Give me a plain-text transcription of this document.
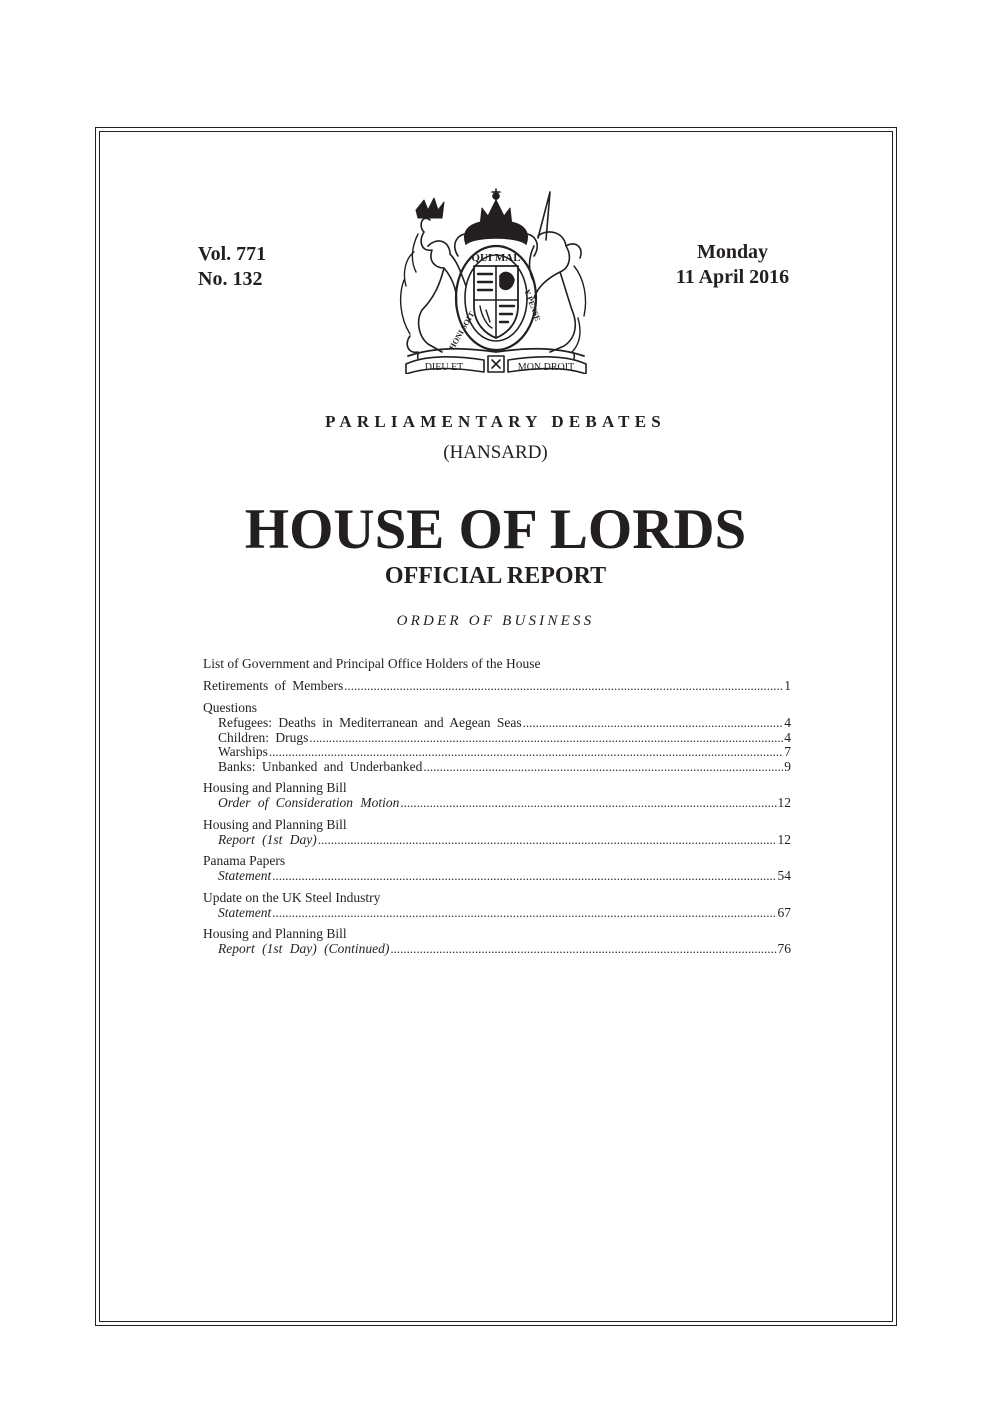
Vol. 771
No. 132
Monday
11 April 2016
QUI MAL
HONI SOIT
Y PENSE
DIEU ET	MON DROIT
PARLIAMENTARY DEBATES
(HANSARD)
HOUSE OF LORDS
OFFICIAL REPORT
ORDER OF BUSINESS
List of Government and Principal Office Holders of the House
Retirements of Members .....	1
Questions
Refugees: Deaths in Mediterranean and Aegean Seas .....	4
Children: Drugs .....	4
Warships .....	7
Banks: Unbanked and Underbanked .....	9
Housing and Planning Bill
Order of Consideration Motion .....	12
Housing and Planning Bill
Report (1st Day) .....	12
Panama Papers
Statement .....	54
Update on the UK Steel Industry
Statement .....	67
Housing and Planning Bill
Report (1st Day) (Continued) .....	76
